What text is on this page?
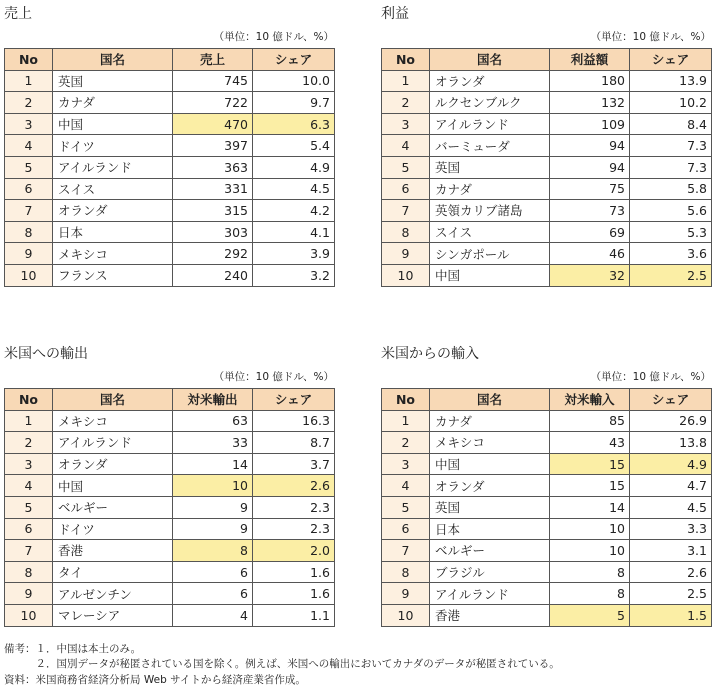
売上
（単位：10 億ドル、%）
No	国名	売上	シェア
1	英国	745	10.0
2	カナダ	722	9.7
3	中国	470	6.3
4	ドイツ	397	5.4
5	アイルランド	363	4.9
6	スイス	331	4.5
7	オランダ	315	4.2
8	日本	303	4.1
9	メキシコ	292	3.9
10	フランス	240	3.2
利益
（単位：10 億ドル、%）
No	国名	利益額	シェア
1	オランダ	180	13.9
2	ルクセンブルク	132	10.2
3	アイルランド	109	8.4
4	バーミューダ	94	7.3
5	英国	94	7.3
6	カナダ	75	5.8
7	英領カリブ諸島	73	5.6
8	スイス	69	5.3
9	シンガポール	46	3.6
10	中国	32	2.5
米国への輸出
（単位：10 億ドル、%）
No	国名	対米輸出	シェア
1	メキシコ	63	16.3
2	アイルランド	33	8.7
3	オランダ	14	3.7
4	中国	10	2.6
5	ベルギー	9	2.3
6	ドイツ	9	2.3
7	香港	8	2.0
8	タイ	6	1.6
9	アルゼンチン	6	1.6
10	マレーシア	4	1.1
米国からの輸入
（単位：10 億ドル、%）
No	国名	対米輸入	シェア
1	カナダ	85	26.9
2	メキシコ	43	13.8
3	中国	15	4.9
4	オランダ	15	4.7
5	英国	14	4.5
6	日本	10	3.3
7	ベルギー	10	3.1
8	ブラジル	8	2.6
9	アイルランド	8	2.5
10	香港	5	1.5
備考：１．中国は本土のみ。
　　　２．国別データが秘匿されている国を除く。例えば、米国への輸出においてカナダのデータが秘匿されている。
資料：米国商務省経済分析局 Web サイトから経済産業省作成。
